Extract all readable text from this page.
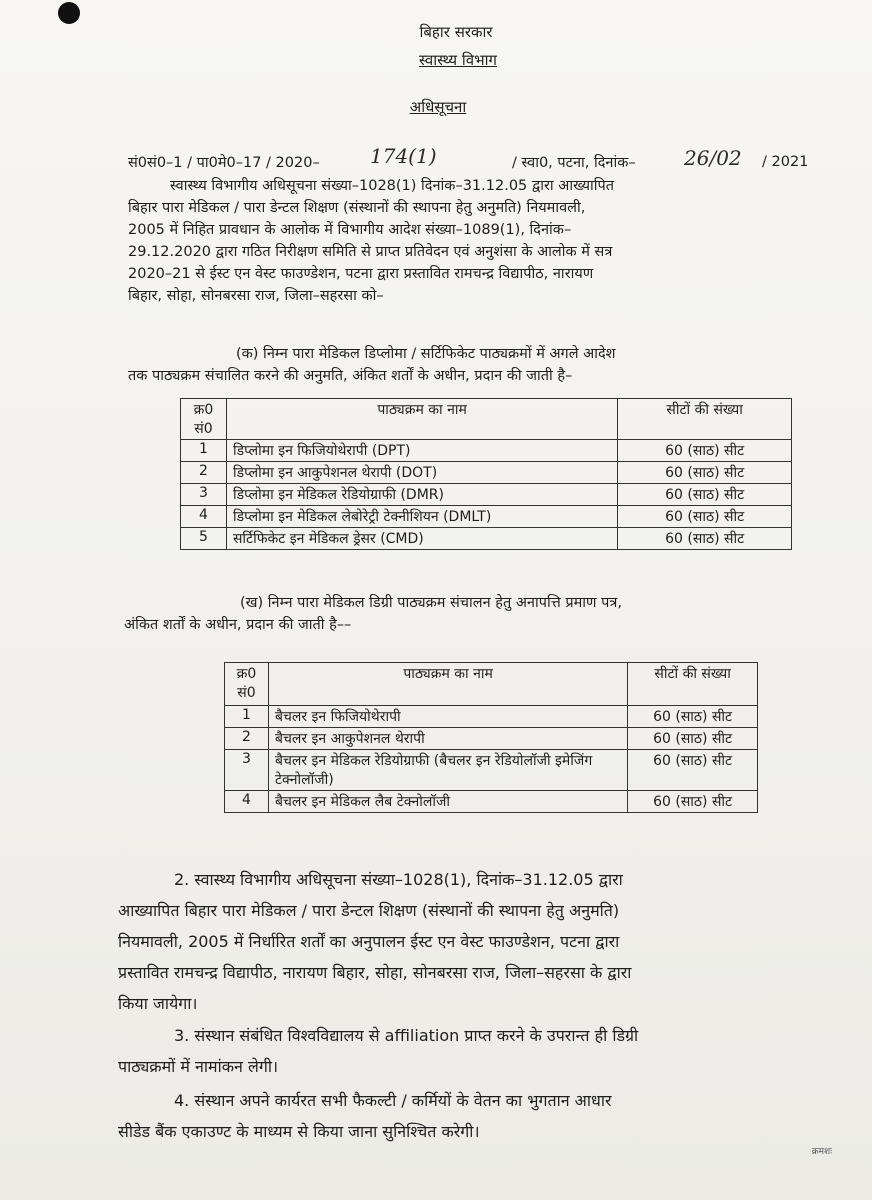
बिहार सरकार
स्वास्थ्य विभाग
अधिसूचना
सं0सं0–1 / पा0मे0–17 / 2020–	174(1)	/ स्वा0, पटना, दिनांक– 26/02 / 2021
स्वास्थ्य विभागीय अधिसूचना संख्या–1028(1) दिनांक–31.12.05 द्वारा आख्यापित
बिहार पारा मेडिकल / पारा डेन्टल शिक्षण (संस्थानों की स्थापना हेतु अनुमति) नियमावली,
2005 में निहित प्रावधान के आलोक में विभागीय आदेश संख्या–1089(1), दिनांक–
29.12.2020 द्वारा गठित निरीक्षण समिति से प्राप्त प्रतिवेदन एवं अनुशंसा के आलोक में सत्र
2020–21 से ईस्ट एन वेस्ट फाउण्डेशन, पटना द्वारा प्रस्तावित रामचन्द्र विद्यापीठ, नारायण
बिहार, सोहा, सोनबरसा राज, जिला–सहरसा को–
(क) निम्न पारा मेडिकल डिप्लोमा / सर्टिफिकेट पाठ्यक्रमों में अगले आदेश
तक पाठ्यक्रम संचालित करने की अनुमति, अंकित शर्तों के अधीन, प्रदान की जाती है–
क्र0 सं0	पाठ्यक्रम का नाम	सीटों की संख्या
1	डिप्लोमा इन फिजियोथेरापी (DPT)	60 (साठ) सीट
2	डिप्लोमा इन आकुपेशनल थेरापी (DOT)	60 (साठ) सीट
3	डिप्लोमा इन मेडिकल रेडियोग्राफी (DMR)	60 (साठ) सीट
4	डिप्लोमा इन मेडिकल लेबोरेट्री टेक्नीशियन (DMLT)	60 (साठ) सीट
5	सर्टिफिकेट इन मेडिकल ड्रेसर (CMD)	60 (साठ) सीट
(ख) निम्न पारा मेडिकल डिग्री पाठ्यक्रम संचालन हेतु अनापत्ति प्रमाण पत्र,
अंकित शर्तों के अधीन, प्रदान की जाती है––
क्र0 सं0	पाठ्यक्रम का नाम	सीटों की संख्या
1	बैचलर इन फिजियोथेरापी	60 (साठ) सीट
2	बैचलर इन आकुपेशनल थेरापी	60 (साठ) सीट
3	बैचलर इन मेडिकल रेडियोग्राफी (बैचलर इन रेडियोलॉजी इमेजिंग टेक्नोलॉजी)	60 (साठ) सीट
4	बैचलर इन मेडिकल लैब टेक्नोलॉजी	60 (साठ) सीट
2. स्वास्थ्य विभागीय अधिसूचना संख्या–1028(1), दिनांक–31.12.05 द्वारा
आख्यापित बिहार पारा मेडिकल / पारा डेन्टल शिक्षण (संस्थानों की स्थापना हेतु अनुमति)
नियमावली, 2005 में निर्धारित शर्तों का अनुपालन ईस्ट एन वेस्ट फाउण्डेशन, पटना द्वारा
प्रस्तावित रामचन्द्र विद्यापीठ, नारायण बिहार, सोहा, सोनबरसा राज, जिला–सहरसा के द्वारा
किया जायेगा।
3. संस्थान संबंधित विश्वविद्यालय से affiliation प्राप्त करने के उपरान्त ही डिग्री
पाठ्यक्रमों में नामांकन लेगी।
4. संस्थान अपने कार्यरत सभी फैकल्टी / कर्मियों के वेतन का भुगतान आधार
सीडेड बैंक एकाउण्ट के माध्यम से किया जाना सुनिश्चित करेगी।
क्रमशः
